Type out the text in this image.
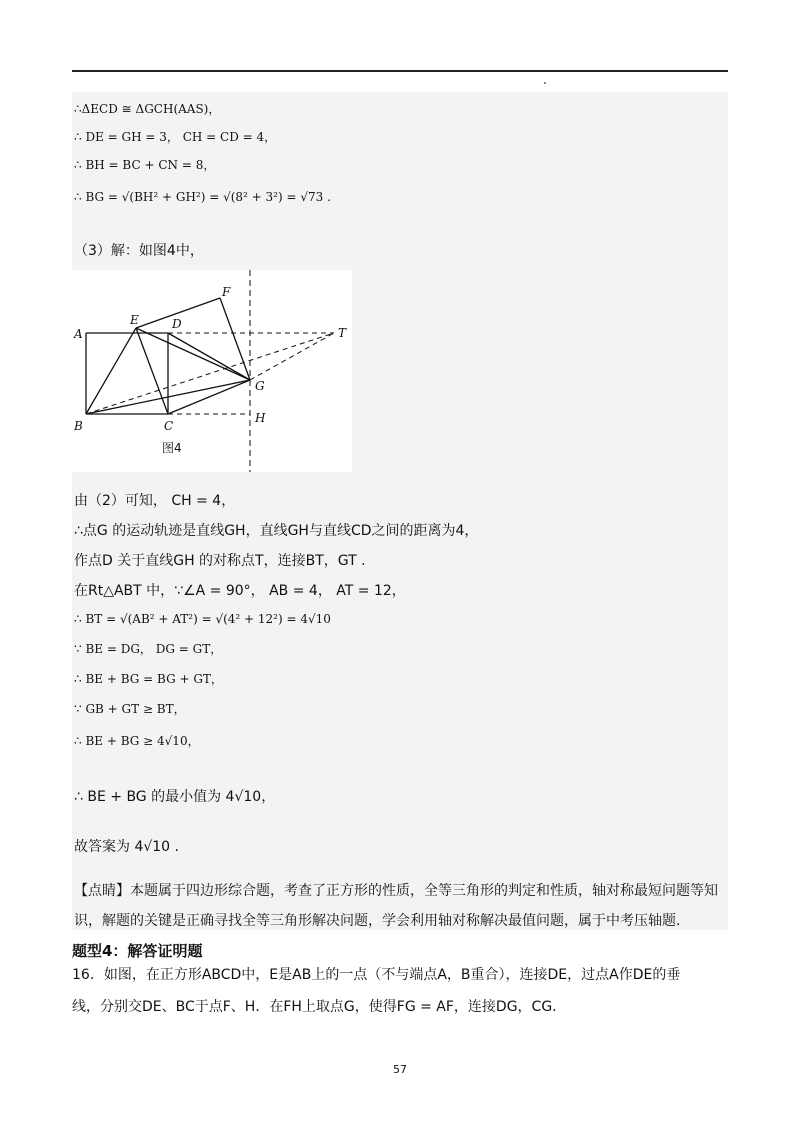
∴ΔECD ≅ ΔGCH(AAS)，
∴ DE = GH = 3， CH = CD = 4，
∴ BH = BC + CN = 8，
∴ BG = √(BH² + GH²) = √(8² + 3²) = √73 .
（3）解：如图4中，
A
B	C
D
E
F
G
H
T
图4
由（2）可知， CH = 4，
∴点G 的运动轨迹是直线GH，直线GH与直线CD之间的距离为4，
作点D 关于直线GH 的对称点T，连接BT，GT .
在Rt△ABT 中，∵∠A = 90°， AB = 4， AT = 12，
∴ BT = √(AB² + AT²) = √(4² + 12²) = 4√10
∵ BE = DG， DG = GT，
∴ BE + BG = BG + GT，
∵ GB + GT ≥ BT，
∴ BE + BG ≥ 4√10，
∴ BE + BG 的最小值为 4√10，
故答案为 4√10 .
【点睛】本题属于四边形综合题，考查了正方形的性质，全等三角形的判定和性质，轴对称最短问题等知
识，解题的关键是正确寻找全等三角形解决问题，学会利用轴对称解决最值问题，属于中考压轴题.
题型4：解答证明题
16．如图，在正方形ABCD中，E是AB上的一点（不与端点A，B重合），连接DE，过点A作DE的垂
线，分别交DE、BC于点F、H．在FH上取点G，使得FG = AF，连接DG，CG．
57
